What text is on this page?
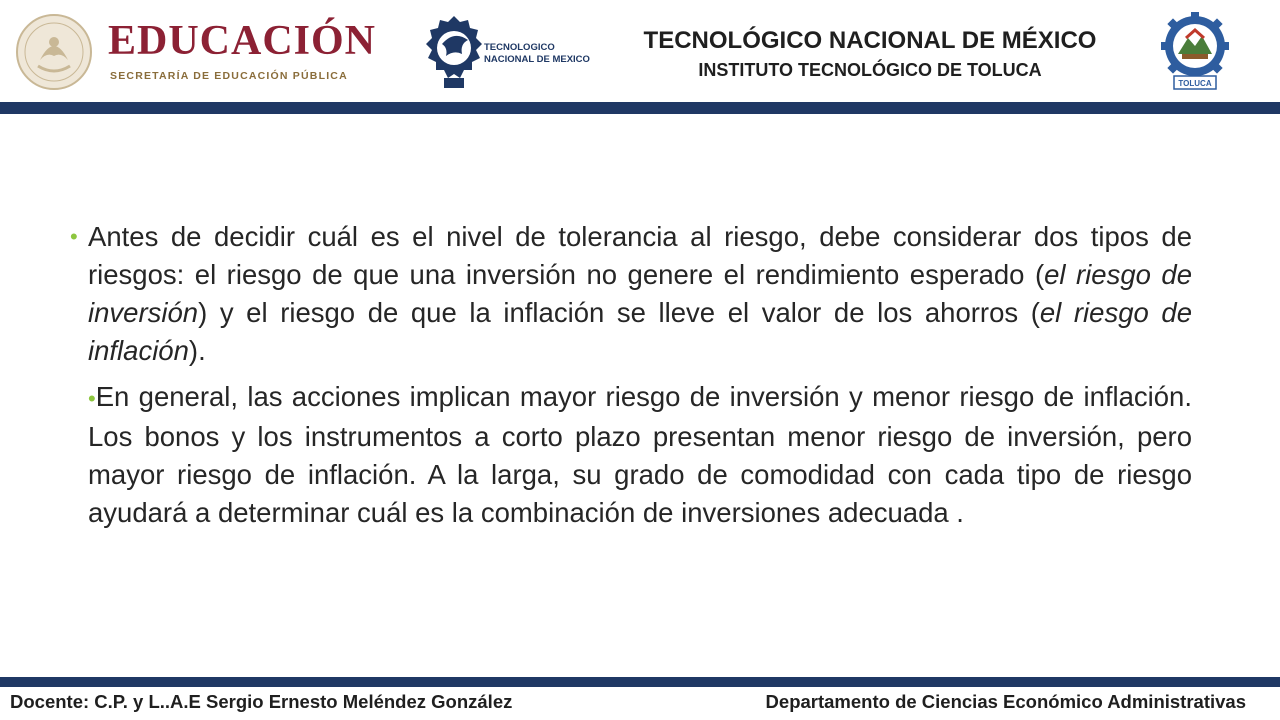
EDUCACIÓN
SECRETARÍA DE EDUCACIÓN PÚBLICA
TECNOLOGICO
NACIONAL DE MEXICO
TECNOLÓGICO NACIONAL DE MÉXICO
INSTITUTO TECNOLÓGICO DE TOLUCA
TOLUCA

• Antes de decidir cuál es el nivel de tolerancia al riesgo, debe considerar dos tipos de riesgos: el riesgo de que una inversión no genere el rendimiento esperado (el riesgo de inversión) y el riesgo de que la inflación se lleve el valor de los ahorros (el riesgo de inflación).

•En general, las acciones implican mayor riesgo de inversión y menor riesgo de inflación. Los bonos y los instrumentos a corto plazo presentan menor riesgo de inversión, pero mayor riesgo de inflación. A la larga, su grado de comodidad con cada tipo de riesgo ayudará a determinar cuál es la combinación de inversiones adecuada .

Docente: C.P. y L..A.E Sergio Ernesto Meléndez González	Departamento de Ciencias Económico Administrativas
